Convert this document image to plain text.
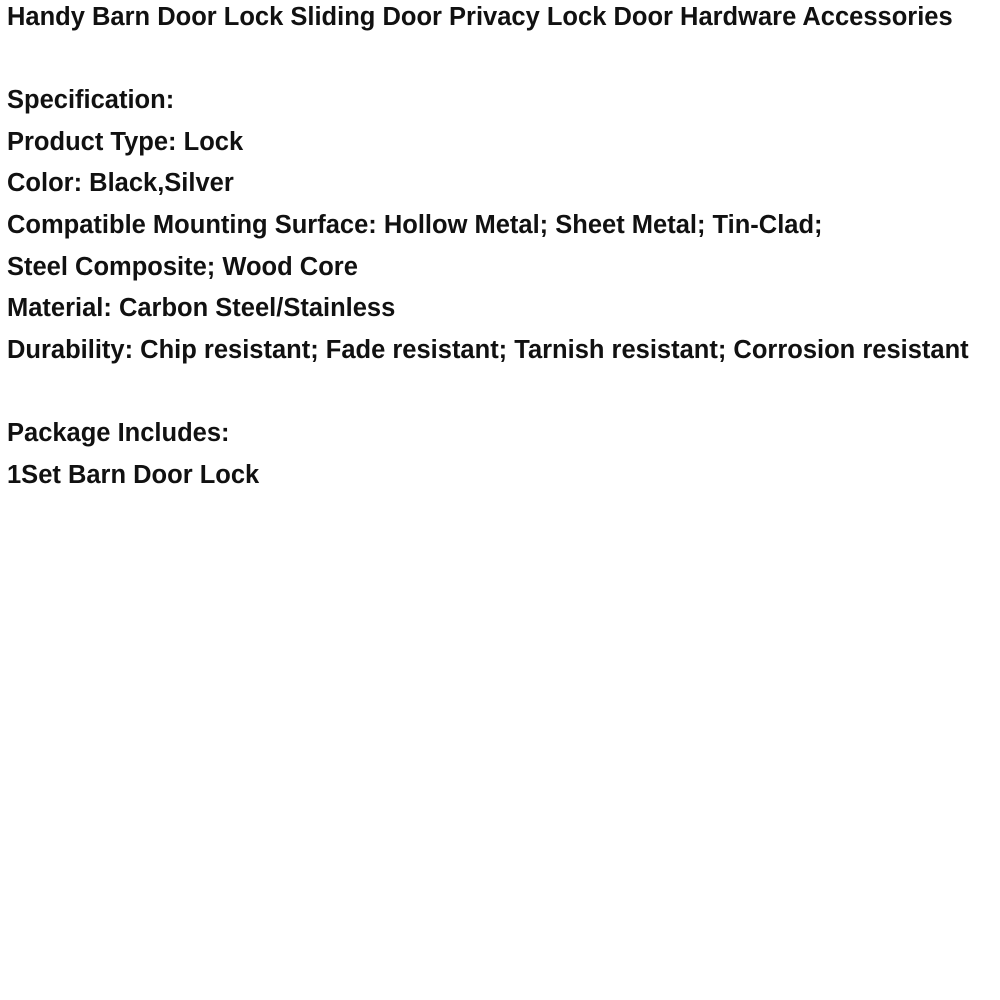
Handy Barn Door Lock Sliding Door Privacy Lock Door Hardware Accessories
Specification:
Product Type: Lock
Color: Black,Silver
Compatible Mounting Surface: Hollow Metal; Sheet Metal; Tin-Clad;
Steel Composite; Wood Core
Material: Carbon Steel/Stainless
Durability: Chip resistant; Fade resistant; Tarnish resistant; Corrosion resistant
Package Includes:
1Set Barn Door Lock
